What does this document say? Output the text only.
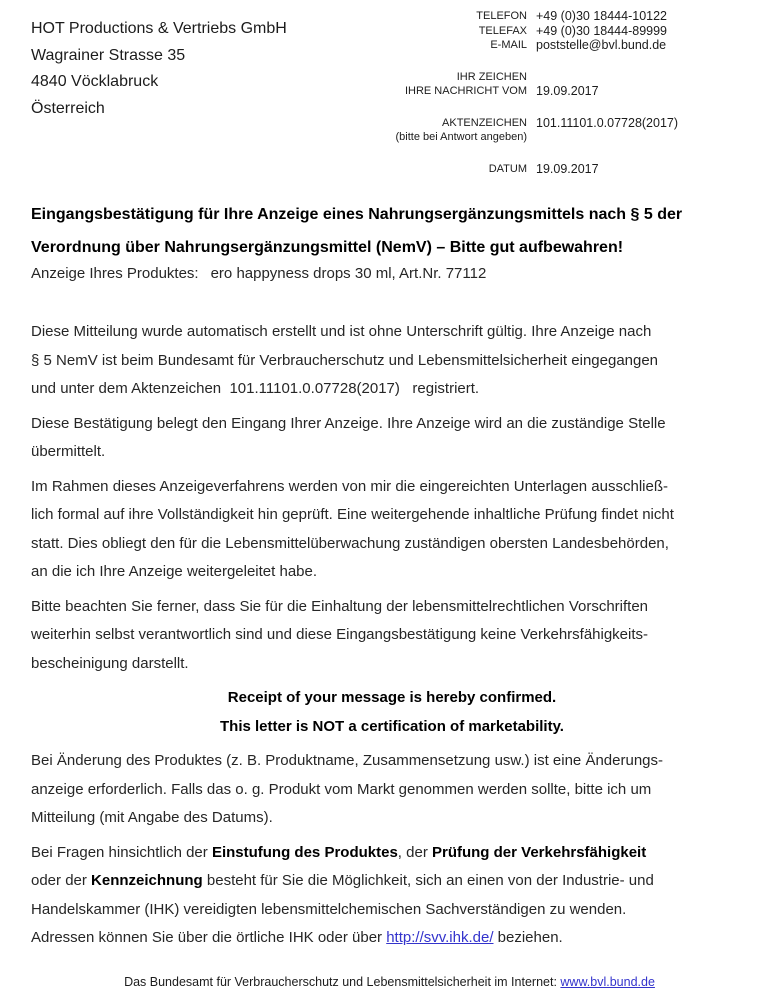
HOT Productions & Vertriebs GmbH
Wagrainer Strasse 35
4840 Vöcklabruck
Österreich
TELEFON +49 (0)30 18444-10122
TELEFAX +49 (0)30 18444-89999
E-MAIL poststelle@bvl.bund.de
IHR ZEICHEN
IHRE NACHRICHT VOM 19.09.2017
AKTENZEICHEN 101.11101.0.07728(2017)
(bitte bei Antwort angeben)
DATUM 19.09.2017
Eingangsbestätigung für Ihre Anzeige eines Nahrungsergänzungsmittels nach § 5 der
Verordnung über Nahrungsergänzungsmittel (NemV) – Bitte gut aufbewahren!
Anzeige Ihres Produktes: ero happyness drops 30 ml, Art.Nr. 77112
Diese Mitteilung wurde automatisch erstellt und ist ohne Unterschrift gültig. Ihre Anzeige nach
§ 5 NemV ist beim Bundesamt für Verbraucherschutz und Lebensmittelsicherheit eingegangen
und unter dem Aktenzeichen  101.11101.0.07728(2017)   registriert.
Diese Bestätigung belegt den Eingang Ihrer Anzeige. Ihre Anzeige wird an die zuständige Stelle
übermittelt.
Im Rahmen dieses Anzeigeverfahrens werden von mir die eingereichten Unterlagen ausschließ-
lich formal auf ihre Vollständigkeit hin geprüft. Eine weitergehende inhaltliche Prüfung findet nicht
statt. Dies obliegt den für die Lebensmittelüberwachung zuständigen obersten Landesbehörden,
an die ich Ihre Anzeige weitergeleitet habe.
Bitte beachten Sie ferner, dass Sie für die Einhaltung der lebensmittelrechtlichen Vorschriften
weiterhin selbst verantwortlich sind und diese Eingangsbestätigung keine Verkehrsfähigkeits-
bescheinigung darstellt.
Receipt of your message is hereby confirmed.
This letter is NOT a certification of marketability.
Bei Änderung des Produktes (z. B. Produktname, Zusammensetzung usw.) ist eine Änderungs-
anzeige erforderlich. Falls das o. g. Produkt vom Markt genommen werden sollte, bitte ich um
Mitteilung (mit Angabe des Datums).
Bei Fragen hinsichtlich der Einstufung des Produktes, der Prüfung der Verkehrsfähigkeit
oder der Kennzeichnung besteht für Sie die Möglichkeit, sich an einen von der Industrie- und
Handelskammer (IHK) vereidigten lebensmittelchemischen Sachverständigen zu wenden.
Adressen können Sie über die örtliche IHK oder über http://svv.ihk.de/ beziehen.
Das Bundesamt für Verbraucherschutz und Lebensmittelsicherheit im Internet: www.bvl.bund.de
